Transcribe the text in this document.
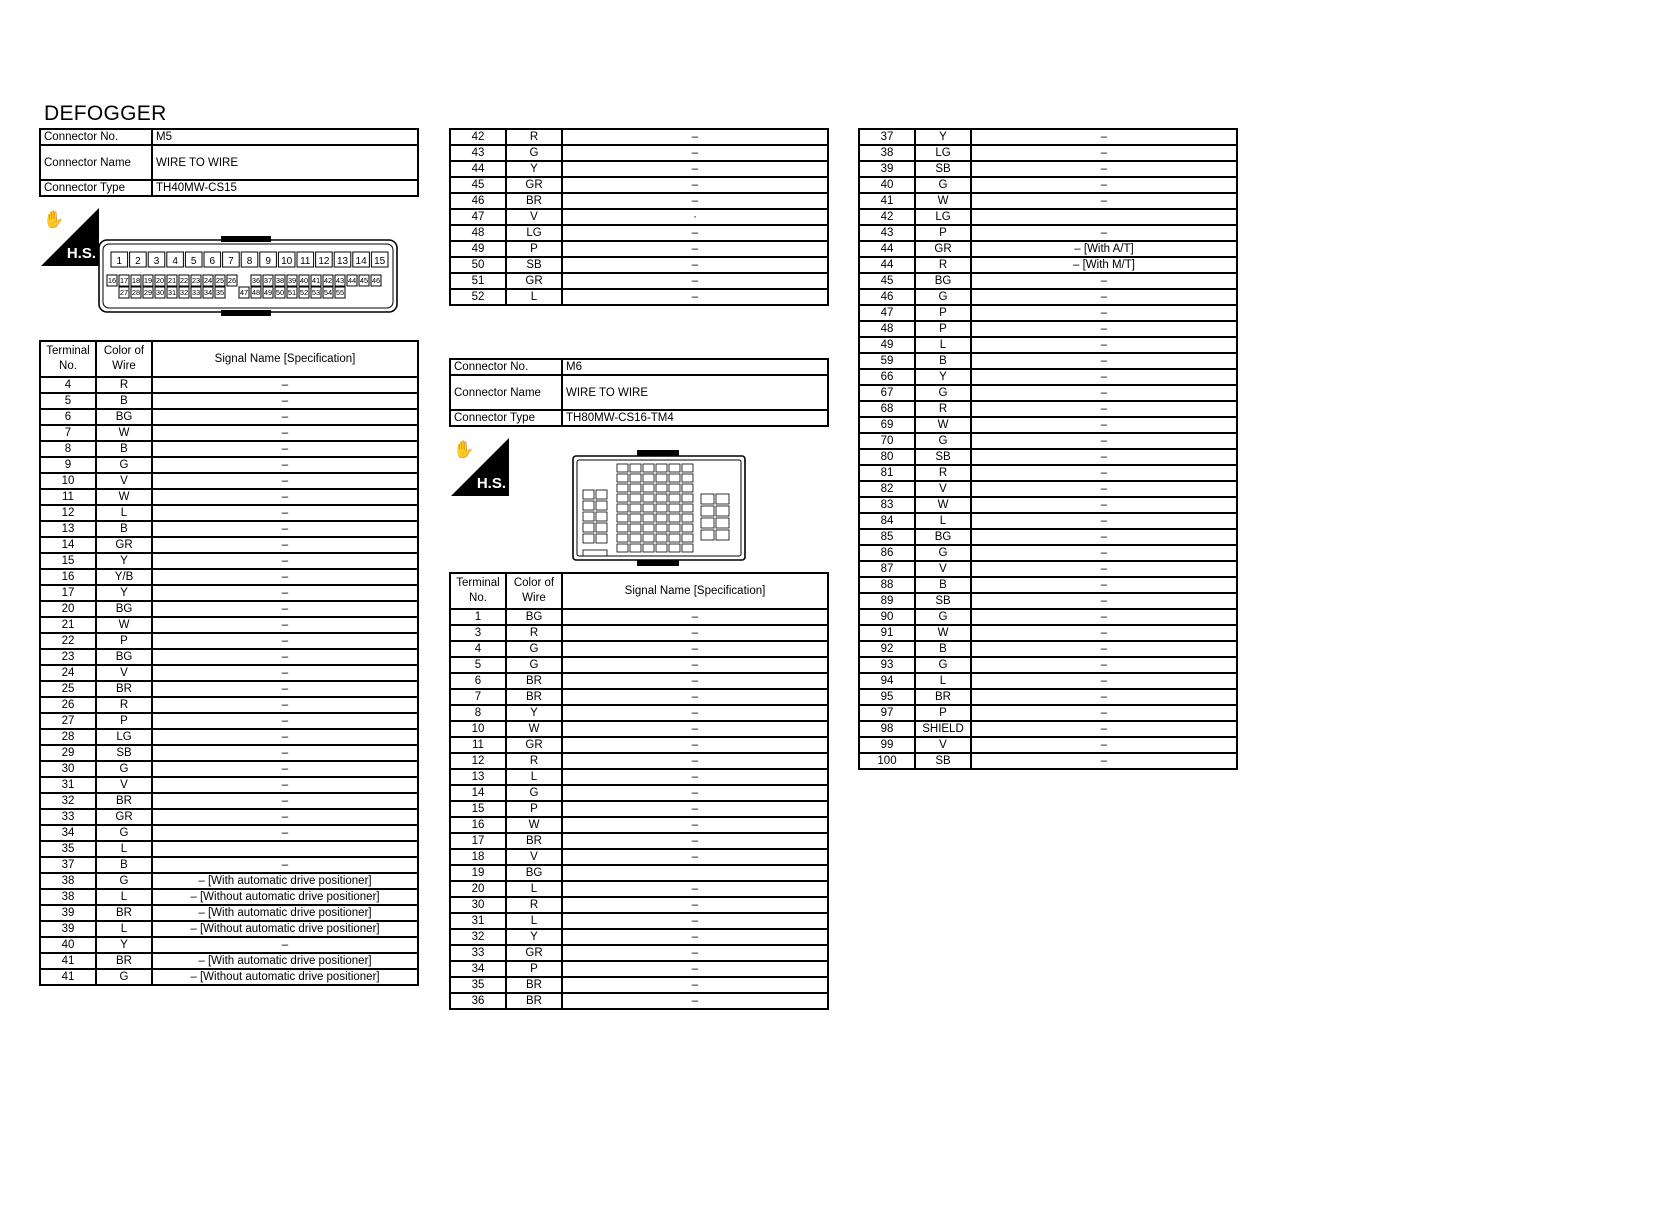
DEFOGGER
Connector No.	M5
Connector Name	WIRE TO WIRE
Connector Type	TH40MW-CS15
✋
H.S. 1 2 3 4 5 6 7 8 9 10 11 12 13 14 15
16 17 18 19 20 21 22 23 24 25 26 36 37 38 39 40 41 42 43 44 45 46
27 28 29 30 31 32 33 34 35 47 48 49 50 51 52 53 54 55
Terminal No.	Color of Wire	Signal Name [Specification]
4	R	–
5	B	–
6	BG	–
7	W	–
8	B	–
9	G	–
10	V	–
11	W	–
12	L	–
13	B	–
14	GR	–
15	Y	–
16	Y/B	–
17	Y	–
20	BG	–
21	W	–
22	P	–
23	BG	–
24	V	–
25	BR	–
26	R	–
27	P	–
28	LG	–
29	SB	–
30	G	–
31	V	–
32	BR	–
33	GR	–
34	G	–
35	L	
37	B	–
38	G	– [With automatic drive positioner]
38	L	– [Without automatic drive positioner]
39	BR	– [With automatic drive positioner]
39	L	– [Without automatic drive positioner]
40	Y	–
41	BR	– [With automatic drive positioner]
41	G	– [Without automatic drive positioner]
42	R	–
43	G	–
44	Y	–
45	GR	–
46	BR	–
47	V	·
48	LG	–
49	P	–
50	SB	–
51	GR	–
52	L	–
Connector No.	M6
Connector Name	WIRE TO WIRE
Connector Type	TH80MW-CS16-TM4
✋
H.S.
Terminal No.	Color of Wire	Signal Name [Specification]
1	BG	–
3	R	–
4	G	–
5	G	–
6	BR	–
7	BR	–
8	Y	–
10	W	–
11	GR	–
12	R	–
13	L	–
14	G	–
15	P	–
16	W	–
17	BR	–
18	V	–
19	BG	
20	L	–
30	R	–
31	L	–
32	Y	–
33	GR	–
34	P	–
35	BR	–
36	BR	–
37	Y	–
38	LG	–
39	SB	–
40	G	–
41	W	–
42	LG	
43	P	–
44	GR	– [With A/T]
44	R	– [With M/T]
45	BG	–
46	G	–
47	P	–
48	P	–
49	L	–
59	B	–
66	Y	–
67	G	–
68	R	–
69	W	–
70	G	–
80	SB	–
81	R	–
82	V	–
83	W	–
84	L	–
85	BG	–
86	G	–
87	V	–
88	B	–
89	SB	–
90	G	–
91	W	–
92	B	–
93	G	–
94	L	–
95	BR	–
97	P	–
98	SHIELD	–
99	V	–
100	SB	–
